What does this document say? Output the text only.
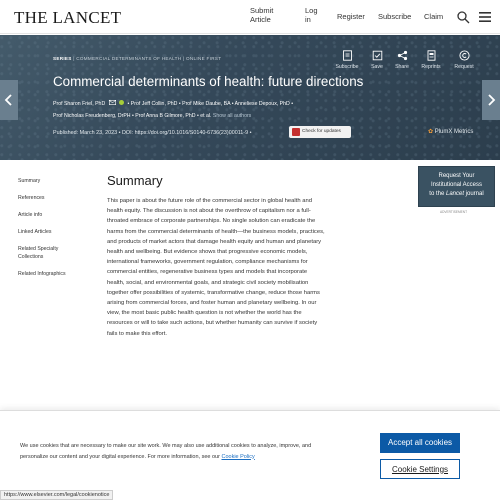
THE LANCET	Submit
Article
Log
in	Register Subscribe Claim
SERIES | COMMERCIAL DETERMINANTS OF HEALTH | ONLINE FIRST
Commercial determinants of health: future directions
Prof Sharon Friel, PhD	• Prof Jeff Collin, PhD • Prof Mike Daube, BA • Anneliese Depoux, PhD •
Prof Nicholas Freudenberg, DrPH • Prof Anna B Gilmore, PhD • et al. Show all authors
Published: March 23, 2023 • DOI: https://doi.org/10.1016/S0140-6736(23)00011-9 •	Check for updates	✿ PlumX Metrics
Subscribe	Save	Share	Reprints	Request
Summary
References
Article info
Linked Articles
Related Specialty Collections
Related Infographics
Summary
This paper is about the future role of the commercial sector in global health and health equity. The discussion is not about the overthrow of capitalism nor a full-throated embrace of corporate partnerships. No single solution can eradicate the harms from the commercial determinants of health—the business models, practices, and products of market actors that damage health equity and human and planetary health and wellbeing. But evidence shows that progressive economic models, international frameworks, government regulation, compliance mechanisms for commercial entities, regenerative business types and models that incorporate health, social, and environmental goals, and strategic civil society mobilisation together offer possibilities of systemic, transformative change, reduce those harms arising from commercial forces, and foster human and planetary wellbeing. In our view, the most basic public health question is not whether the world has the resources or will to take such actions, but whether humanity can survive if society fails to make this effort.
Request Your
Institutional Access
to the Lancet journal
ADVERTISEMENT
We use cookies that are necessary to make our site work. We may also use additional cookies to analyze, improve, and personalize our content and your digital experience. For more information, see our Cookie Policy
Accept all cookies
Cookie Settings
https://www.elsevier.com/legal/cookienotice
